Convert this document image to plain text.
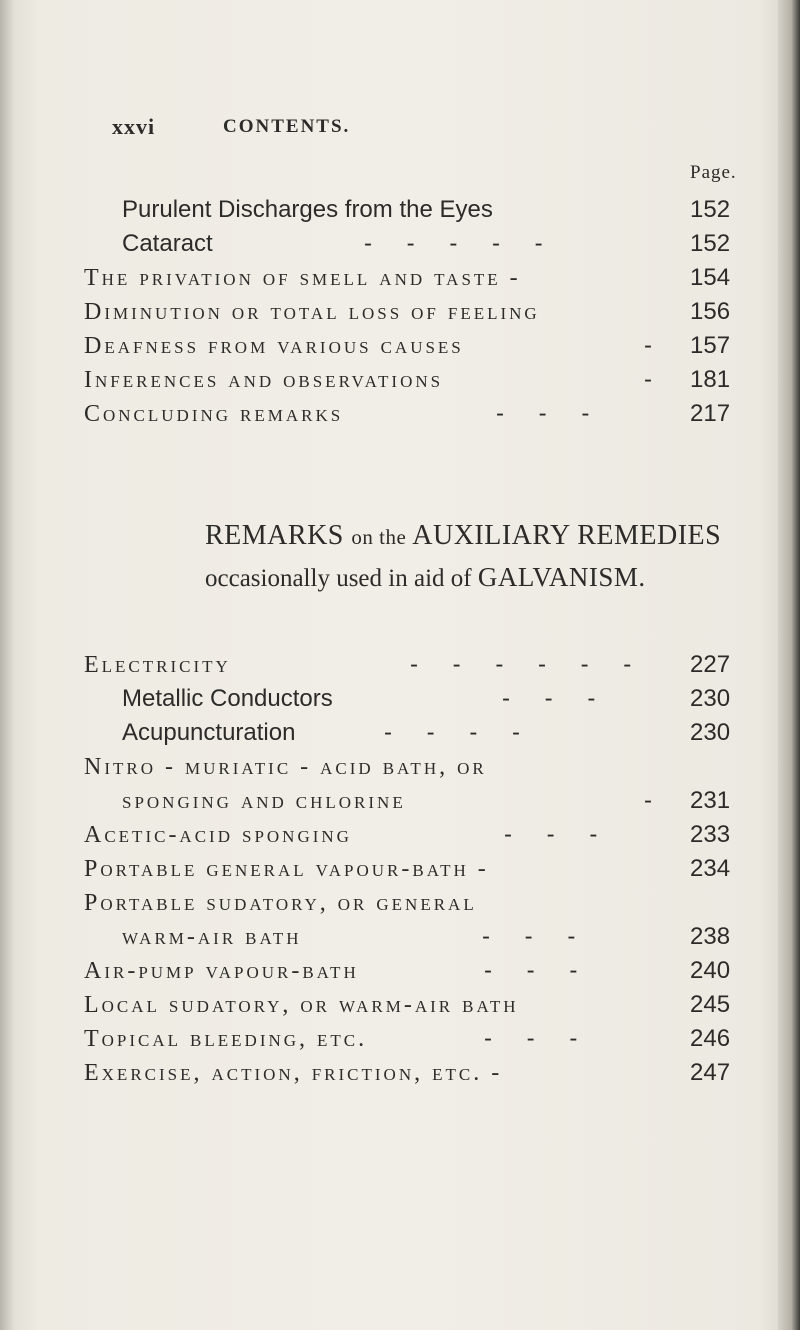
xxvi	CONTENTS.
Page.
Purulent Discharges from the Eyes	152
Cataract	- - - - -	152
The privation of smell and taste -	154
Diminution or total loss of feeling	156
Deafness from various causes	- 157
Inferences and observations	- 181
Concluding remarks	- - -	217
REMARKS on the AUXILIARY REMEDIES
occasionally used in aid of GALVANISM.
Electricity	- - - - - - 227
Metallic Conductors	- - -	230
Acupuncturation	- - - -	230
Nitro - muriatic - acid bath, or
sponging and chlorine	- 231
Acetic-acid sponging	- - -	233
Portable general vapour-bath -	234
Portable sudatory, or general
warm-air bath	- - -	238
Air-pump vapour-bath	- - -	240
Local sudatory, or warm-air bath	245
Topical bleeding, etc.	- - -	246
Exercise, action, friction, etc. -	247
